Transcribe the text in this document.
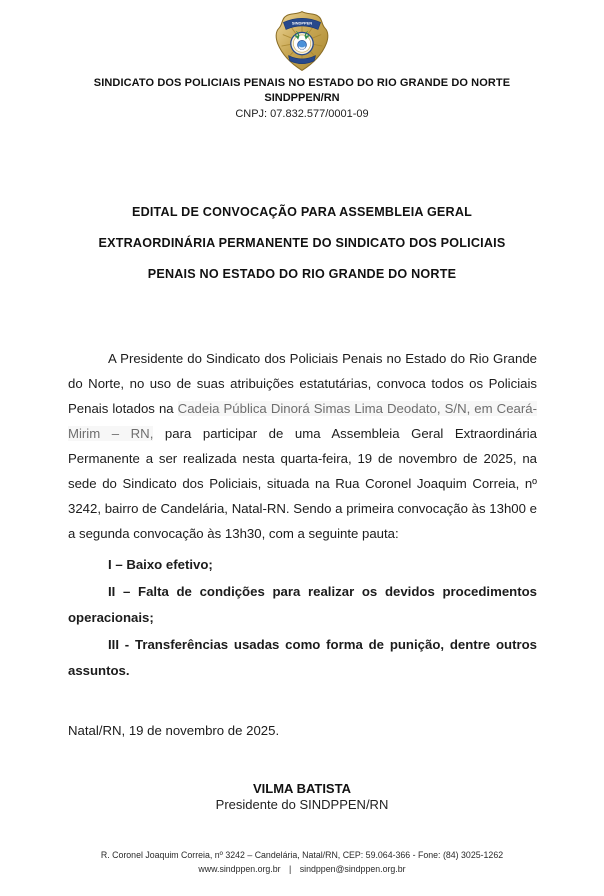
SINDPPEN
SINDICATO DOS POLICIAIS PENAIS NO ESTADO DO RIO GRANDE DO NORTE
SINDPPEN/RN
CNPJ: 07.832.577/0001-09
EDITAL DE CONVOCAÇÃO PARA ASSEMBLEIA GERAL
EXTRAORDINÁRIA PERMANENTE DO SINDICATO DOS POLICIAIS
PENAIS NO ESTADO DO RIO GRANDE DO NORTE

A Presidente do Sindicato dos Policiais Penais no Estado do Rio Grande do Norte, no uso de suas atribuições estatutárias, convoca todos os Policiais Penais lotados na Cadeia Pública Dinorá Simas Lima Deodato, S/N, em Ceará-Mirim – RN, para participar de uma Assembleia Geral Extraordinária Permanente a ser realizada nesta quarta-feira, 19 de novembro de 2025, na sede do Sindicato dos Policiais, situada na Rua Coronel Joaquim Correia, nº 3242, bairro de Candelária, Natal-RN. Sendo a primeira convocação às 13h00 e a segunda convocação às 13h30, com a seguinte pauta:

I – Baixo efetivo;

II – Falta de condições para realizar os devidos procedimentos operacionais;

III - Transferências usadas como forma de punição, dentre outros assuntos.

Natal/RN, 19 de novembro de 2025.

VILMA BATISTA
Presidente do SINDPPEN/RN
R. Coronel Joaquim Correia, nº 3242 – Candelária, Natal/RN, CEP: 59.064-366 - Fone: (84) 3025-1262
www.sindppen.org.br | sindppen@sindppen.org.br
